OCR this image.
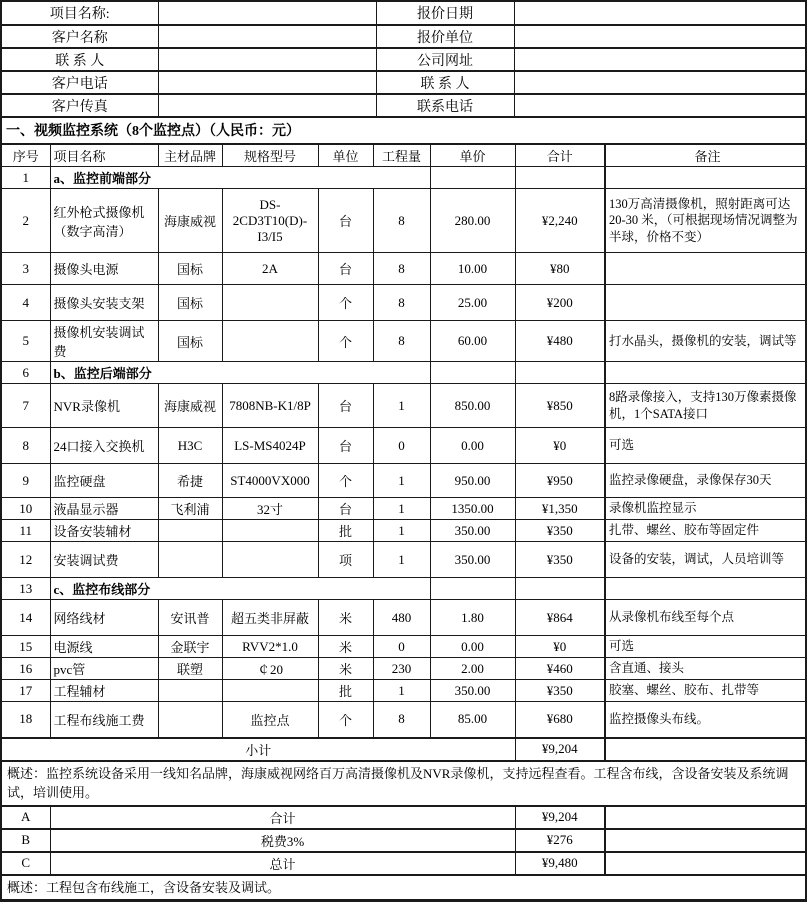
项目名称:		报价日期	
客户名称		报价单位	
联 系 人		公司网址	
客户电话		联 系 人	
客户传真		联系电话	
一、视频监控系统（8个监控点）（人民币：元）
序号	项目名称	主材品牌	规格型号	单位	工程量	单价	合计	备注
1	a、监控前端部分							
2	红外枪式摄像机（数字高清）	海康威视	DS-2CD3T10(D)-I3/I5	台	8	280.00	¥2,240	130万高清摄像机，照射距离可达20-30 米，（可根据现场情况调整为半球，价格不变）
3	摄像头电源	国标	2A	台	8	10.00	¥80	
4	摄像头安装支架	国标		个	8	25.00	¥200	
5	摄像机安装调试费	国标		个	8	60.00	¥480	打水晶头，摄像机的安装，调试等
6	b、监控后端部分							
7	NVR录像机	海康威视	7808NB-K1/8P	台	1	850.00	¥850	8路录像接入，支持130万像素摄像机，1个SATA接口
8	24口接入交换机	H3C	LS-MS4024P	台	0	0.00	¥0	可选
9	监控硬盘	希捷	ST4000VX000	个	1	950.00	¥950	监控录像硬盘，录像保存30天
10	液晶显示器	飞利浦	32寸	台	1	1350.00	¥1,350	录像机监控显示
11	设备安装辅材			批	1	350.00	¥350	扎带、螺丝、胶布等固定件
12	安装调试费			项	1	350.00	¥350	设备的安装，调试，人员培训等
13	c、监控布线部分							
14	网络线材	安讯普	超五类非屏蔽	米	480	1.80	¥864	从录像机布线至每个点
15	电源线	金联宇	RVV2*1.0	米	0	0.00	¥0	可选
16	pvc管	联塑	￠20	米	230	2.00	¥460	含直通、接头
17	工程辅材			批	1	350.00	¥350	胶塞、螺丝、胶布、扎带等
18	工程布线施工费		监控点	个	8	85.00	¥680	监控摄像头布线。
小计							¥9,204	
概述：监控系统设备采用一线知名品牌，海康威视网络百万高清摄像机及NVR录像机，支持远程查看。工程含布线，含设备安装及系统调试，培训使用。								
A	合计						¥9,204	
B	税费3%						¥276	
C	总计						¥9,480	
概述：工程包含布线施工，含设备安装及调试。								
